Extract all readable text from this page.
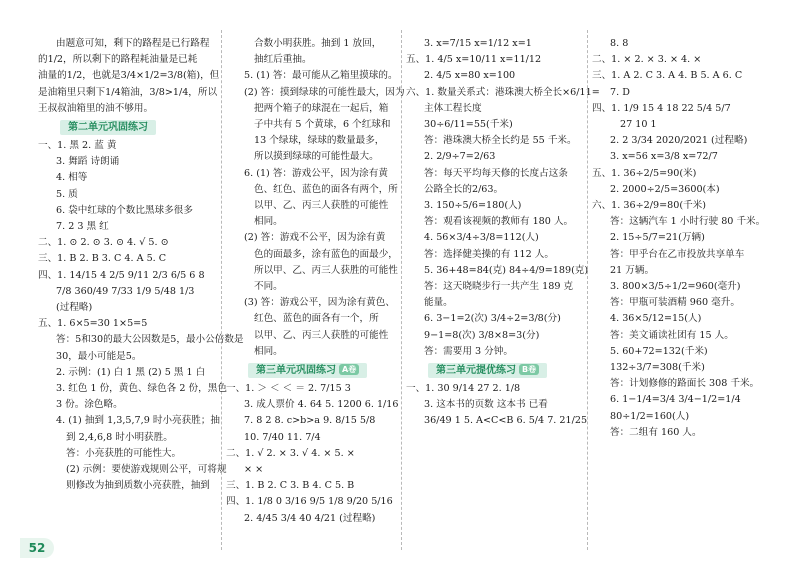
由题意可知，剩下的路程是已行路程
的1/2，所以剩下的路程耗油量是已耗
油量的1/2，也就是3/4×1/2=3/8(箱)，但
是油箱里只剩下1/4箱油，3/8>1/4，所以
王叔叔油箱里的油不够用。
第二单元巩固练习
一、1. 黑 2. 蓝 黄
3. 舞蹈 诗朗诵
4. 相等
5. 质
6. 袋中红球的个数比黑球多很多
7. 2 3 黑 红
二、1. ⊙ 2. ⊙ 3. ⊙ 4. √ 5. ⊙
三、1. B 2. B 3. C 4. A 5. C
四、1. 14/15 4 2/5 9/11 2/3 6/5 6 8
7/8 360/49 7/33 1/9 5/48 1/3
(过程略)
五、1. 6×5=30 1×5=5
答：5和30的最大公因数是5，最小公倍数是
30，最小可能是5。
2. 示例：(1) 白 1 黑 (2) 5 黑 1 白
3. 红色 1 份，黄色、绿色各 2 份，黑色
3 份。涂色略。
4. (1) 抽到 1,3,5,7,9 时小亮获胜；抽
到 2,4,6,8 时小明获胜。
答：小亮获胜的可能性大。
(2) 示例：要使游戏规则公平，可将规
则修改为抽到质数小亮获胜，抽到
合数小明获胜。抽到 1 放回，
抽红后重抽。
5. (1) 答：最可能从乙箱里摸球的。
(2) 答：摸到绿球的可能性最大，因为
把两个箱子的球混在一起后，箱
子中共有 5 个黄球，6 个红球和
13 个绿球，绿球的数量最多，
所以摸到绿球的可能性最大。
6. (1) 答：游戏公平，因为涂有黄
色、红色、蓝色的面各有两个，所
以甲、乙、丙三人获胜的可能性
相同。
(2) 答：游戏不公平，因为涂有黄
色的面最多，涂有蓝色的面最少，
所以甲、乙、丙三人获胜的可能性
不同。
(3) 答：游戏公平，因为涂有黄色、
红色、蓝色的面各有一个，所
以甲、乙、丙三人获胜的可能性
相同。
第三单元巩固练习 A卷
一、1. ＞ ＜ ＜ ＝ 2. 7/15 3
3. 成人票价 4. 64 5. 1200 6. 1/16
7. 8 2 8. c>b>a 9. 8/15 5/8
10. 7/40 11. 7/4
二、1. √ 2. × 3. √ 4. × 5. ×
× ×
三、1. B 2. C 3. B 4. C 5. B
四、1. 1/8 0 3/16 9/5 1/8 9/20 5/16
2. 4/45 3/4 40 4/21 (过程略)
3. x=7/15 x=1/12 x=1
五、1. 4/5 x=10/11 x=11/12
2. 4/5 x=80 x=100
六、1. 数量关系式：港珠澳大桥全长×6/11=
主体工程长度
30÷6/11=55(千米)
答：港珠澳大桥全长约是 55 千米。
2. 2/9÷7=2/63
答：每天平均每天修的长度占这条
公路全长的2/63。
3. 150÷5/6=180(人)
答：观看该视频的教师有 180 人。
4. 56×3/4÷3/8=112(人)
答：选择健美操的有 112 人。
5. 36+48=84(克) 84÷4/9=189(克)
答：这天晓晓步行一共产生 189 克
能量。
6. 3−1=2(次) 3/4÷2=3/8(分)
9−1=8(次) 3/8×8=3(分)
答：需要用 3 分钟。
第三单元提优练习 B卷
一、1. 30 9/14 27 2. 1/8
3. 这本书的页数 这本书 已看
36/49 1 5. A<C<B 6. 5/4 7. 21/25
8. 8
二、1. × 2. × 3. × 4. ×
三、1. A 2. C 3. A 4. B 5. A 6. C
7. D
四、1. 1/9 15 4 18 22 5/4 5/7
27 10 1
2. 2 3/34 2020/2021 (过程略)
3. x=56 x=3/8 x=72/7
五、1. 36÷2/5=90(米)
2. 2000÷2/5=3600(本)
六、1. 36÷2/9=80(千米)
答：这辆汽车 1 小时行驶 80 千米。
2. 15÷5/7=21(万辆)
答：甲乎台在乙市投放共享单车
21 万辆。
3. 800×3/5÷1/2=960(毫升)
答：甲瓶可装酒精 960 毫升。
4. 36×5/12=15(人)
答：美文诵读社团有 15 人。
5. 60+72=132(千米)
132÷3/7=308(千米)
答：计划修修的路面长 308 千米。
6. 1−1/4=3/4 3/4−1/2=1/4
80÷1/2=160(人)
答：二组有 160 人。
52
